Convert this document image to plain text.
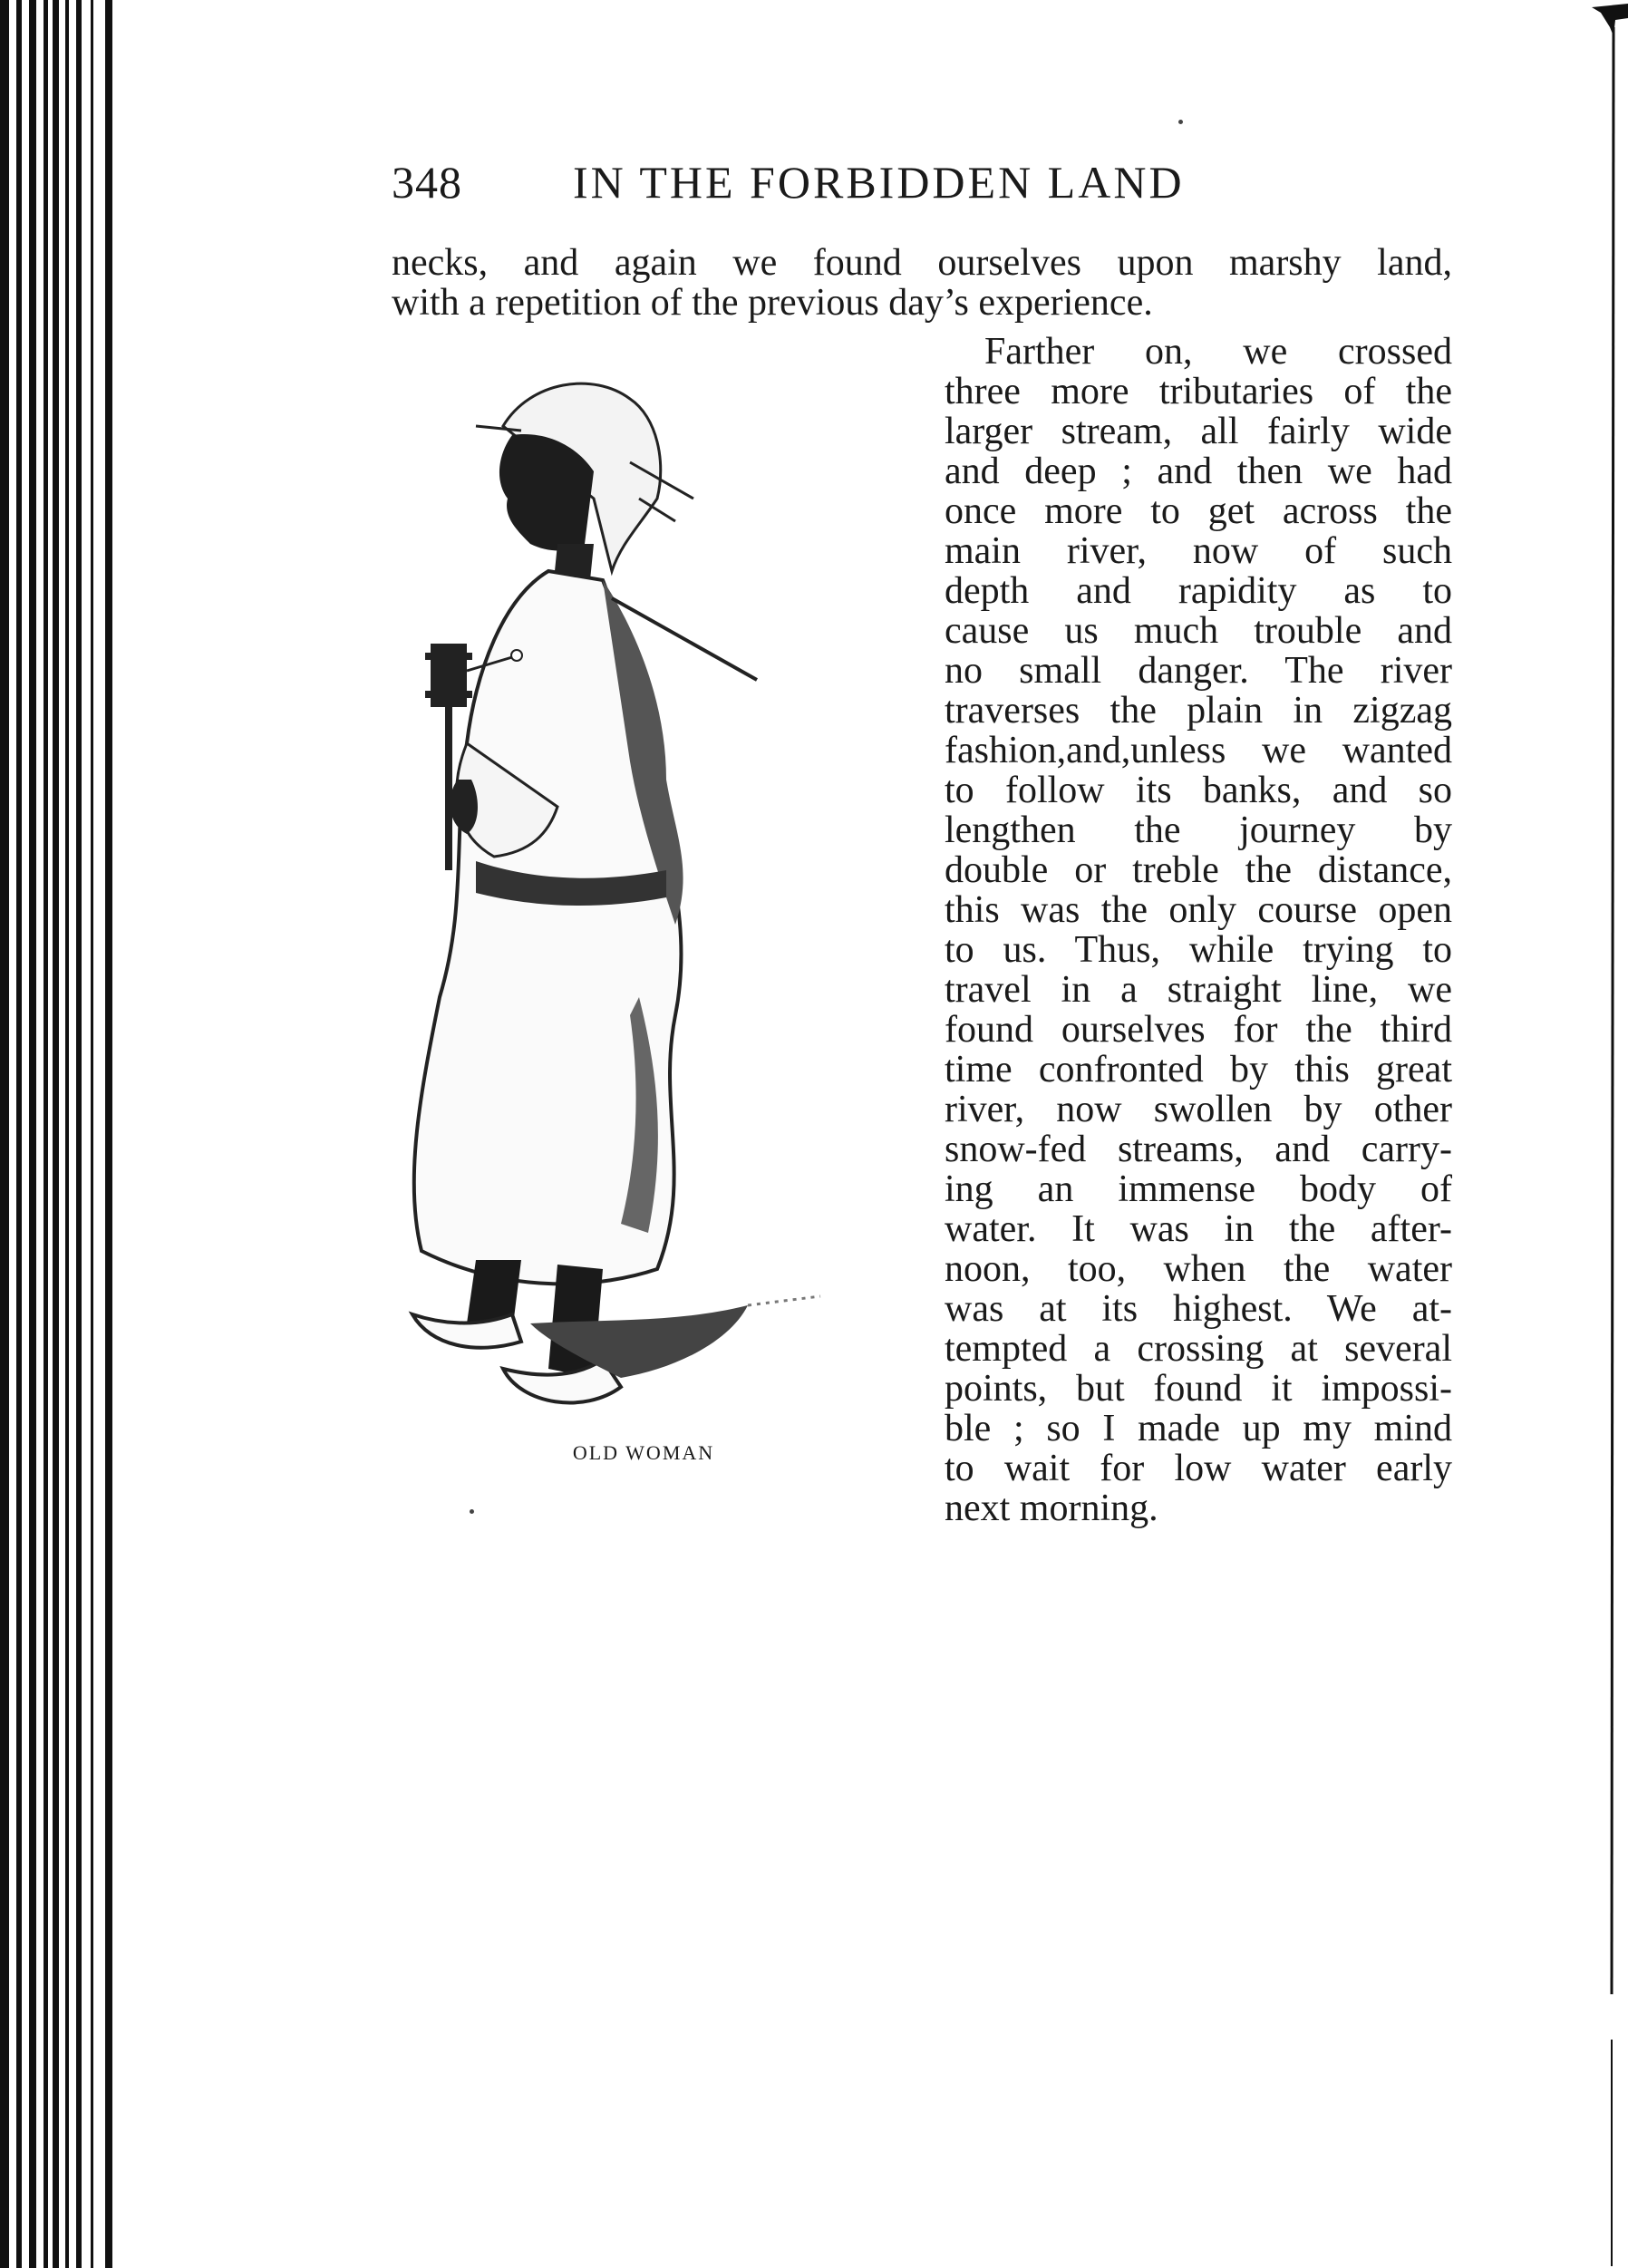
348 IN THE FORBIDDEN LAND
necks, and again we found ourselves upon marshy land,
with a repetition of the previous day’s experience.
Farther on, we crossed
three more tributaries of the
larger stream, all fairly wide
and deep ; and then we had
once more to get across the
main river, now of such
depth and rapidity as to
cause us much trouble and
no small danger. The river
traverses the plain in zigzag
fashion,and,unless we wanted
to follow its banks, and so
lengthen the journey by
double or treble the distance,
this was the only course open
to us. Thus, while trying to
travel in a straight line, we
found ourselves for the third
time confronted by this great
river, now swollen by other
snow-fed streams, and carry-
ing an immense body of
water. It was in the after-
noon, too, when the water
was at its highest. We at-
tempted a crossing at several
points, but found it impossi-
ble ; so I made up my mind
to wait for low water early
next morning.
OLD WOMAN
